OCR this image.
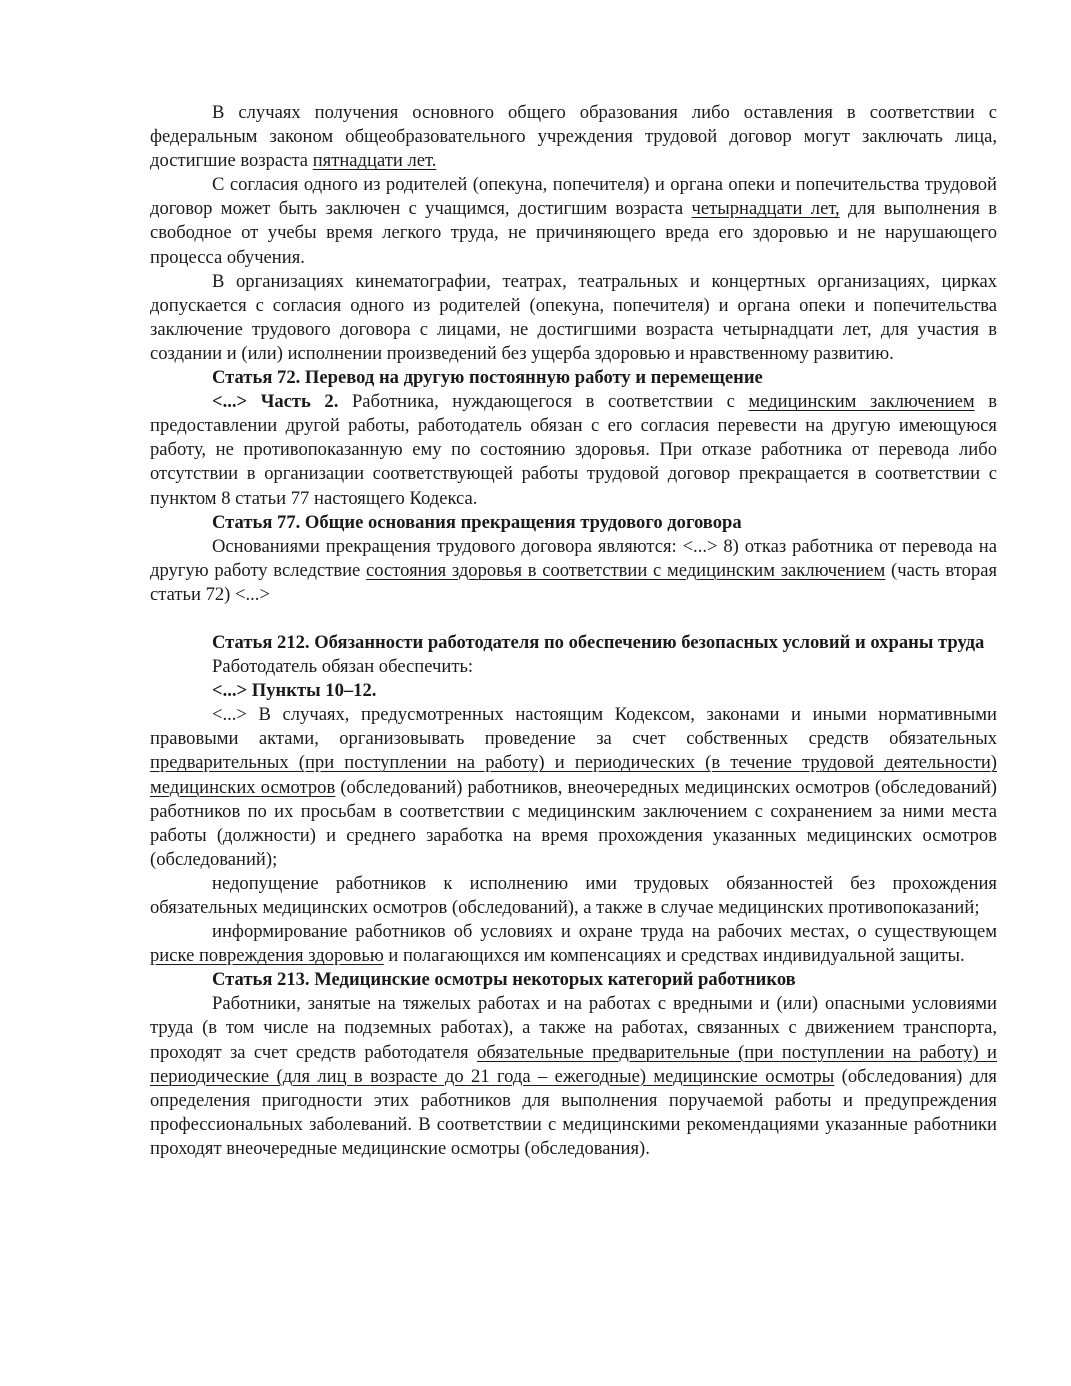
В случаях получения основного общего образования либо оставления в соответствии с федеральным законом общеобразовательного учреждения трудовой договор могут заключать лица, достигшие возраста пятнадцати лет.

С согласия одного из родителей (опекуна, попечителя) и органа опеки и попечительства трудовой договор может быть заключен с учащимся, достигшим возраста четырнадцати лет, для выполнения в свободное от учебы время легкого труда, не причиняющего вреда его здоровью и не нарушающего процесса обучения.

В организациях кинематографии, театрах, театральных и концертных организациях, цирках допускается с согласия одного из родителей (опекуна, попечителя) и органа опеки и попечительства заключение трудового договора с лицами, не достигшими возраста четырнадцати лет, для участия в создании и (или) исполнении произведений без ущерба здоровью и нравственному развитию.

Статья 72. Перевод на другую постоянную работу и перемещение

<...> Часть 2. Работника, нуждающегося в соответствии с медицинским заключением в предоставлении другой работы, работодатель обязан с его согласия перевести на другую имеющуюся работу, не противопоказанную ему по состоянию здоровья. При отказе работника от перевода либо отсутствии в организации соответствующей работы трудовой договор прекращается в соответствии с пунктом 8 статьи 77 настоящего Кодекса.

Статья 77. Общие основания прекращения трудового договора

Основаниями прекращения трудового договора являются: <...> 8) отказ работника от перевода на другую работу вследствие состояния здоровья в соответствии с медицинским заключением (часть вторая статьи 72) <...>

Статья 212. Обязанности работодателя по обеспечению безопасных условий и охраны труда

Работодатель обязан обеспечить:

<...> Пункты 10–12.

<...> В случаях, предусмотренных настоящим Кодексом, законами и иными нормативными правовыми актами, организовывать проведение за счет собственных средств обязательных предварительных (при поступлении на работу) и периодических (в течение трудовой деятельности) медицинских осмотров (обследований) работников, внеочередных медицинских осмотров (обследований) работников по их просьбам в соответствии с медицинским заключением с сохранением за ними места работы (должности) и среднего заработка на время прохождения указанных медицинских осмотров (обследований);

недопущение работников к исполнению ими трудовых обязанностей без прохождения обязательных медицинских осмотров (обследований), а также в случае медицинских противопоказаний;

информирование работников об условиях и охране труда на рабочих местах, о существующем риске повреждения здоровью и полагающихся им компенсациях и средствах индивидуальной защиты.

Статья 213. Медицинские осмотры некоторых категорий работников

Работники, занятые на тяжелых работах и на работах с вредными и (или) опасными условиями труда (в том числе на подземных работах), а также на работах, связанных с движением транспорта, проходят за счет средств работодателя обязательные предварительные (при поступлении на работу) и периодические (для лиц в возрасте до 21 года – ежегодные) медицинские осмотры (обследования) для определения пригодности этих работников для выполнения поручаемой работы и предупреждения профессиональных заболеваний. В соответствии с медицинскими рекомендациями указанные работники проходят внеочередные медицинские осмотры (обследования).
